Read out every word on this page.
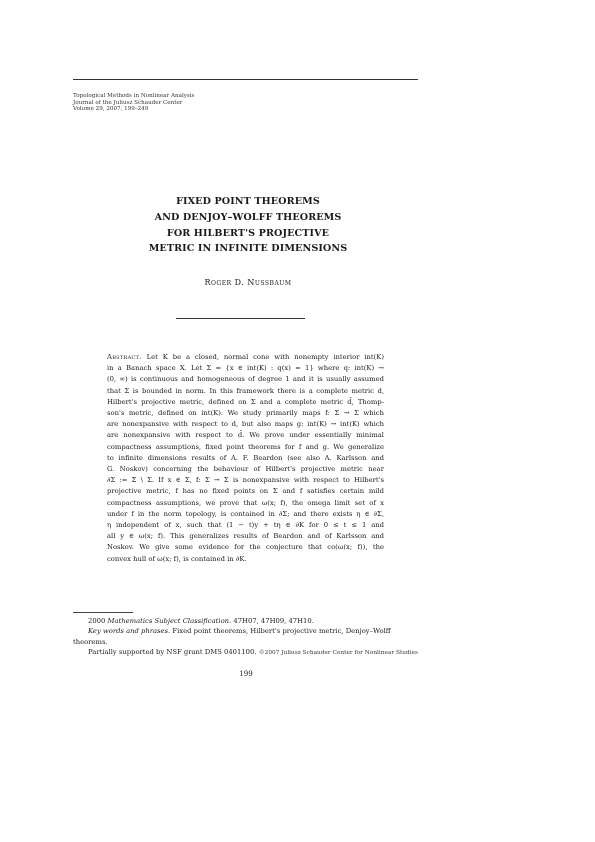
Topological Methods in Nonlinear Analysis
Journal of the Juliusz Schauder Center
Volume 29, 2007, 199–249
FIXED POINT THEOREMS
AND DENJOY–WOLFF THEOREMS
FOR HILBERT'S PROJECTIVE
METRIC IN INFINITE DIMENSIONS
Roger D. Nussbaum
Abstract. Let K be a closed, normal cone with nonempty interior int(K)
in a Banach space X. Let Σ = {x ∈ int(K) : q(x) = 1} where q: int(K) →
(0, ∞) is continuous and homogeneous of degree 1 and it is usually assumed
that Σ is bounded in norm. In this framework there is a complete metric d,
Hilbert's projective metric, defined on Σ and a complete metric d̄, Thomp-
son's metric, defined on int(K). We study primarily maps f: Σ → Σ which
are nonexpansive with respect to d, but also maps g: int(K) → int(K) which
are nonexpansive with respect to d̄. We prove under essentially minimal
compactness assumptions, fixed point theorems for f and g. We generalize
to infinite dimensions results of A. F. Beardon (see also A. Karlsson and
G. Noskov) concerning the behaviour of Hilbert's projective metric near
∂Σ := Σ̄ \ Σ. If x ∈ Σ, f: Σ → Σ is nonexpansive with respect to Hilbert's
projective metric, f has no fixed points on Σ and f satisfies certain mild
compactness assumptions, we prove that ω(x; f), the omega limit set of x
under f in the norm topology, is contained in ∂Σ; and there exists η ∈ ∂Σ,
η independent of x, such that (1 − t)y + tη ∈ ∂K for 0 ≤ t ≤ 1 and
all y ∈ ω(x; f). This generalizes results of Beardon and of Karlsson and
Noskov. We give some evidence for the conjecture that co(ω(x; f)), the
convex hull of ω(x; f), is contained in ∂K.
2000 Mathematics Subject Classification. 47H07, 47H09, 47H10.
Key words and phrases. Fixed point theorems, Hilbert's projective metric, Denjoy–Wolff
theorems.
Partially supported by NSF grant DMS 0401100. ©2007 Juliusz Schauder Center for Nonlinear Studies
199
